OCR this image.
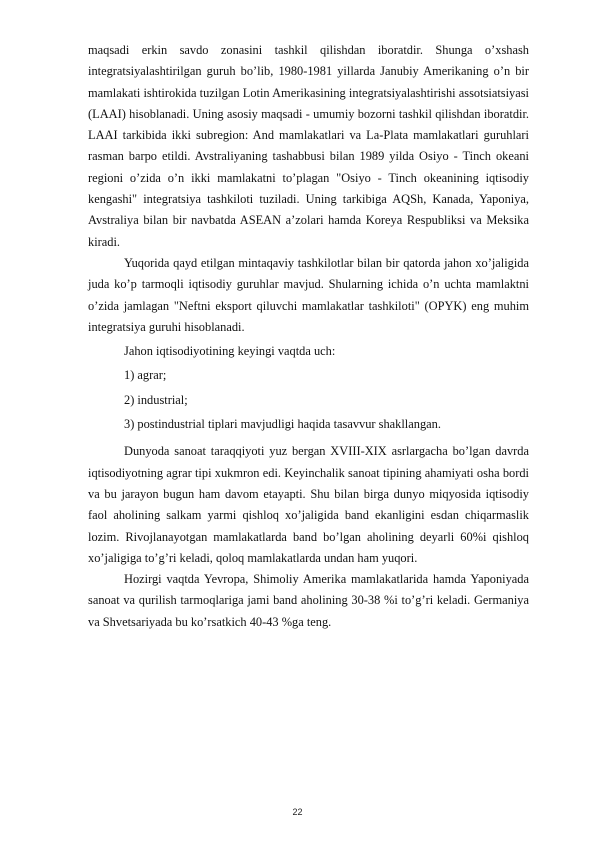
maqsadi erkin savdo zonasini tashkil qilishdan iboratdir. Shunga o’xshash integratsiyalashtirilgan guruh bo’lib, 1980-1981 yillarda Janubiy Amerikaning o’n bir mamlakati ishtirokida tuzilgan Lotin Amerikasining integratsiyalashtirishi assotsiatsiyasi (LAAI) hisoblanadi. Uning asosiy maqsadi - umumiy bozorni tashkil qilishdan iboratdir. LAAI tarkibida ikki subregion: And mamlakatlari va La-Plata mamlakatlari guruhlari rasman barpo etildi. Avstraliyaning tashabbusi bilan 1989 yilda Osiyo - Tinch okeani regioni o’zida o’n ikki mamlakatni to’plagan "Osiyo - Tinch okeanining iqtisodiy kengashi" integratsiya tashkiloti tuziladi. Uning tarkibiga AQSh, Kanada, Yaponiya, Avstraliya bilan bir navbatda ASEAN a’zolari hamda Koreya Respubliksi va Meksika kiradi.

Yuqorida qayd etilgan mintaqaviy tashkilotlar bilan bir qatorda jahon xo’jaligida juda ko’p tarmoqli iqtisodiy guruhlar mavjud. Shularning ichida o’n uchta mamlaktni o’zida jamlagan "Neftni eksport qiluvchi mamlakatlar tashkiloti" (OPYK) eng muhim integratsiya guruhi hisoblanadi.

Jahon iqtisodiyotining keyingi vaqtda uch:

1) agrar;

2) industrial;

3) postindustrial tiplari mavjudligi haqida tasavvur shakllangan.

Dunyoda sanoat taraqqiyoti yuz bergan XVIII-XIX asrlargacha bo’lgan davrda iqtisodiyotning agrar tipi xukmron edi. Keyinchalik sanoat tipining ahamiyati osha bordi va bu jarayon bugun ham davom etayapti. Shu bilan birga dunyo miqyosida iqtisodiy faol aholining salkam yarmi qishloq xo’jaligida band ekanligini esdan chiqarmaslik lozim. Rivojlanayotgan mamlakatlarda band bo’lgan aholining deyarli 60%i qishloq xo’jaligiga to’g’ri keladi, qoloq mamlakatlarda undan ham yuqori.

Hozirgi vaqtda Yevropa, Shimoliy Amerika mamlakatlarida hamda Yaponiyada sanoat va qurilish tarmoqlariga jami band aholining 30-38 %i to’g’ri keladi. Germaniya va Shvetsariyada bu ko’rsatkich 40-43 %ga teng.

22
